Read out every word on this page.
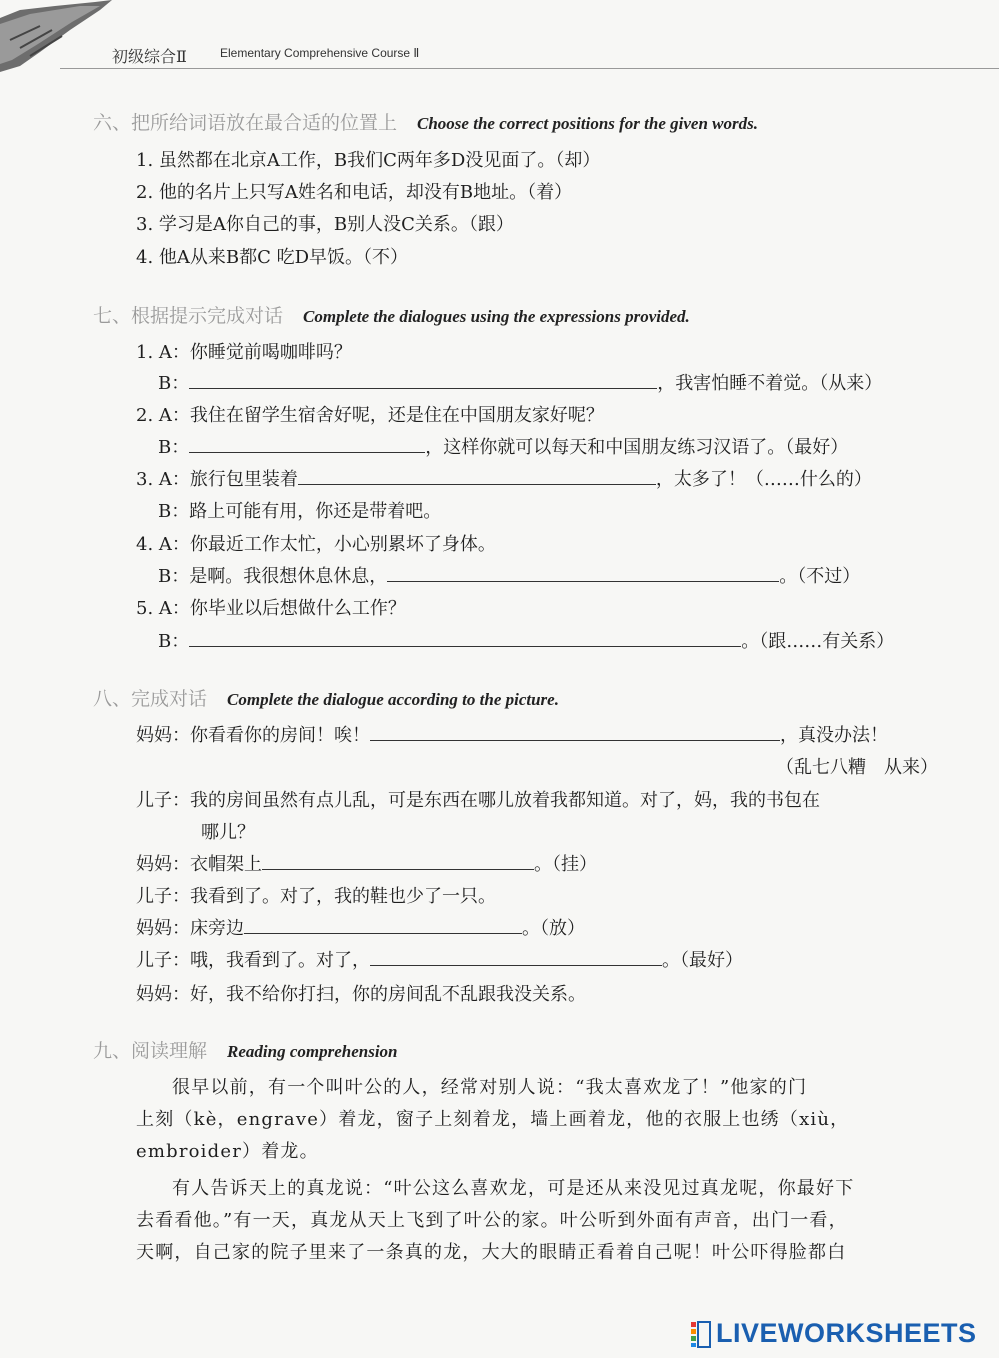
初级综合Ⅱ	Elementary Comprehensive Course Ⅱ
六、把所给词语放在最合适的位置上 Choose the correct positions for the given words.
1. 虽然都在北京A工作，B我们C两年多D没见面了。（却）
2. 他的名片上只写A姓名和电话，却没有B地址。（着）
3. 学习是A你自己的事，B别人没C关系。（跟）
4. 他A从来B都C 吃D早饭。（不）
七、根据提示完成对话 Complete the dialogues using the expressions provided.
1. A：你睡觉前喝咖啡吗？
B：	，我害怕睡不着觉。（从来）
2. A：我住在留学生宿舍好呢，还是住在中国朋友家好呢？
B：	，这样你就可以每天和中国朋友练习汉语了。（最好）
3. A：旅行包里装着	，太多了！（……什么的）
B：路上可能有用，你还是带着吧。
4. A：你最近工作太忙，小心别累坏了身体。
B：是啊。我很想休息休息，	。（不过）
5. A：你毕业以后想做什么工作？
B：	。（跟……有关系）
八、完成对话 Complete the dialogue according to the picture.
妈妈：你看看你的房间！唉！	，真没办法！
（乱七八糟　从来）
儿子：我的房间虽然有点儿乱，可是东西在哪儿放着我都知道。对了，妈，我的书包在
哪儿？
妈妈：衣帽架上	。（挂）
儿子：我看到了。对了，我的鞋也少了一只。
妈妈：床旁边	。（放）
儿子：哦，我看到了。对了，	。（最好）
妈妈：好，我不给你打扫，你的房间乱不乱跟我没关系。
九、阅读理解 Reading comprehension
很早以前，有一个叫叶公的人，经常对别人说：“我太喜欢龙了！”他家的门
上刻（kè，engrave）着龙，窗子上刻着龙，墙上画着龙，他的衣服上也绣（xiù，
embroider）着龙。
有人告诉天上的真龙说：“叶公这么喜欢龙，可是还从来没见过真龙呢，你最好下
去看看他。”有一天，真龙从天上飞到了叶公的家。叶公听到外面有声音，出门一看，
天啊，自己家的院子里来了一条真的龙，大大的眼睛正看着自己呢！叶公吓得脸都白
LIVEWORKSHEETS
